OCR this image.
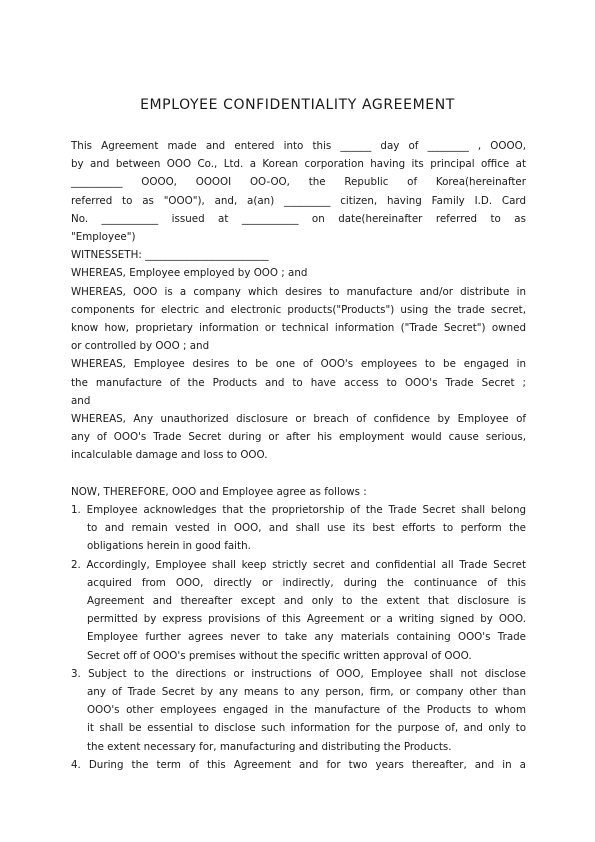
EMPLOYEE CONFIDENTIALITY AGREEMENT
This Agreement made and entered into this ______ day of ________ , OOOO,
by and between OOO Co., Ltd. a Korean corporation having its principal office at
__________ OOOO, OOOOI OO-OO, the Republic of Korea(hereinafter
referred to as "OOO"), and, a(an) _________ citizen, having Family I.D. Card
No. ___________ issued at ___________ on date(hereinafter referred to as
"Employee")
WITNESSETH: ________________________
WHEREAS, Employee employed by OOO ; and
WHEREAS, OOO is a company which desires to manufacture and/or distribute in
components for electric and electronic products("Products") using the trade secret,
know how, proprietary information or technical information ("Trade Secret") owned
or controlled by OOO ; and
WHEREAS, Employee desires to be one of OOO's employees to be engaged in
the manufacture of the Products and to have access to OOO's Trade Secret ;
and
WHEREAS, Any unauthorized disclosure or breach of confidence by Employee of
any of OOO's Trade Secret during or after his employment would cause serious,
incalculable damage and loss to OOO.
NOW, THEREFORE, OOO and Employee agree as follows :
1. Employee acknowledges that the proprietorship of the Trade Secret shall belong
to and remain vested in OOO, and shall use its best efforts to perform the
obligations herein in good faith.
2. Accordingly, Employee shall keep strictly secret and confidential all Trade Secret
acquired from OOO, directly or indirectly, during the continuance of this
Agreement and thereafter except and only to the extent that disclosure is
permitted by express provisions of this Agreement or a writing signed by OOO.
Employee further agrees never to take any materials containing OOO's Trade
Secret off of OOO's premises without the specific written approval of OOO.
3. Subject to the directions or instructions of OOO, Employee shall not disclose
any of Trade Secret by any means to any person, firm, or company other than
OOO's other employees engaged in the manufacture of the Products to whom
it shall be essential to disclose such information for the purpose of, and only to
the extent necessary for, manufacturing and distributing the Products.
4. During the term of this Agreement and for two years thereafter, and in a
